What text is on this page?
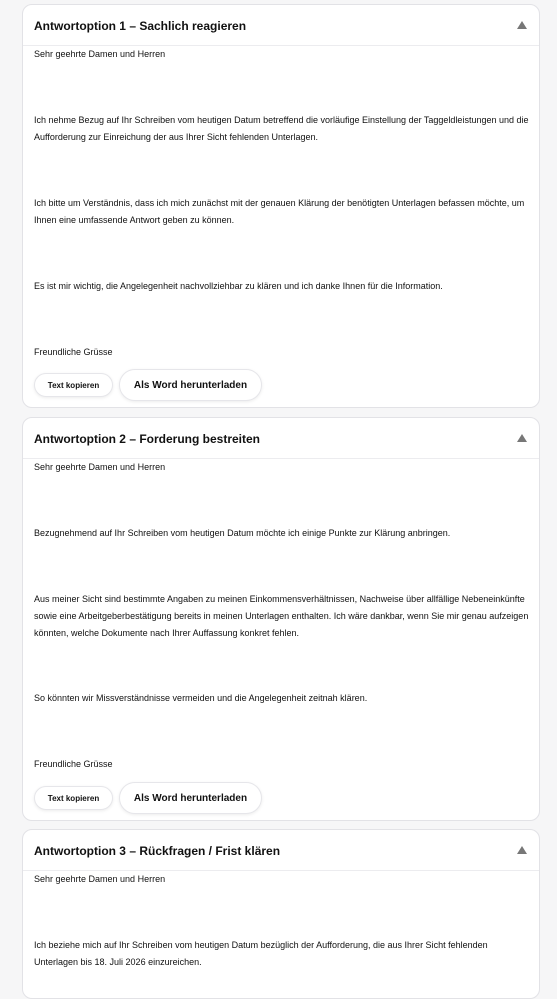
Antwortoption 1 – Sachlich reagieren

Sehr geehrte Damen und Herren

Ich nehme Bezug auf Ihr Schreiben vom heutigen Datum betreffend die vorläufige Einstellung der Taggeldleistungen und die Aufforderung zur Einreichung der aus Ihrer Sicht fehlenden Unterlagen.

Ich bitte um Verständnis, dass ich mich zunächst mit der genauen Klärung der benötigten Unterlagen befassen möchte, um Ihnen eine umfassende Antwort geben zu können.

Es ist mir wichtig, die Angelegenheit nachvollziehbar zu klären und ich danke Ihnen für die Information.

Freundliche Grüsse

Text kopieren	Als Word herunterladen
Antwortoption 2 – Forderung bestreiten

Sehr geehrte Damen und Herren

Bezugnehmend auf Ihr Schreiben vom heutigen Datum möchte ich einige Punkte zur Klärung anbringen.

Aus meiner Sicht sind bestimmte Angaben zu meinen Einkommensverhältnissen, Nachweise über allfällige Nebeneinkünfte sowie eine Arbeitgeberbestätigung bereits in meinen Unterlagen enthalten. Ich wäre dankbar, wenn Sie mir genau aufzeigen könnten, welche Dokumente nach Ihrer Auffassung konkret fehlen.

So könnten wir Missverständnisse vermeiden und die Angelegenheit zeitnah klären.

Freundliche Grüsse

Text kopieren	Als Word herunterladen
Antwortoption 3 – Rückfragen / Frist klären

Sehr geehrte Damen und Herren

Ich beziehe mich auf Ihr Schreiben vom heutigen Datum bezüglich der Aufforderung, die aus Ihrer Sicht fehlenden Unterlagen bis 18. Juli 2026 einzureichen.
